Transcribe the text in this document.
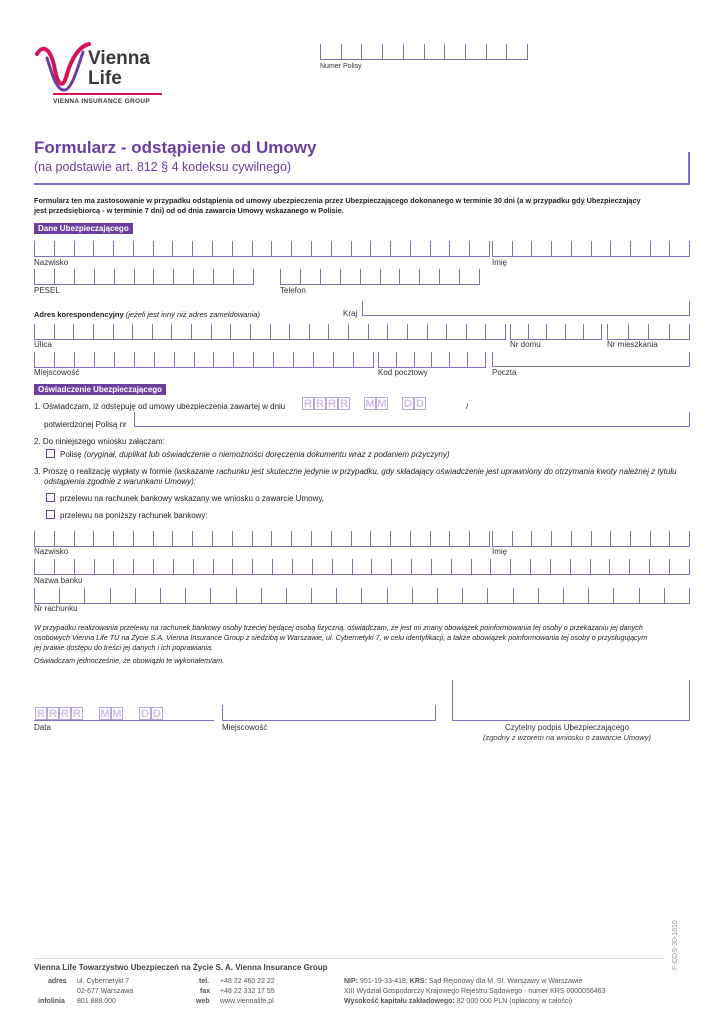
Vienna
Life
VIENNA INSURANCE GROUP
Numer Polisy
Formularz - odstąpienie od Umowy
(na podstawie art. 812 § 4 kodeksu cywilnego)
Formularz ten ma zastosowanie w przypadku odstąpienia od umowy ubezpieczenia przez Ubezpieczającego dokonanego w terminie 30 dni (a w przypadku gdy Ubezpieczający
jest przedsiębiorcą - w terminie 7 dni) od od dnia zawarcia Umowy wskazanego w Polisie.
Dane Ubezpieczającego
Nazwisko	Imię
PESEL	Telefon
Adres korespondencyjny (jeżeli jest inny niż adres zameldowania)	Kraj
Ulica	Nr domu	Nr mieszkania
Miejscowość	Kod pocztowy	Poczta
Oświadczenie Ubezpieczającego
1. Oświadczam, iż odstępuję od umowy ubezpieczenia zawartej w dniu R R R R M M D D	/
potwierdzonej Polisą nr
2. Do niniejszego wniosku załączam:
Polisę (oryginał, duplikat lub oświadczenie o niemożności doręczenia dokumentu wraz z podaniem przyczyny)
3. Proszę o realizację wypłaty w formie (wskazanie rachunku jest skuteczne jedynie w przypadku, gdy składający oświadczenie jest uprawniony do otrzymania kwoty należnej z tytułu
odstąpienia zgodnie z warunkami Umowy):
przelewu na rachunek bankowy wskazany we wniosku o zawarcie Umowy,
przelewu na poniższy rachunek bankowy:
Nazwisko	Imię
Nazwa banku
Nr rachunku
W przypadku realizowania przelewu na rachunek bankowy osoby trzeciej będącej osobą fizyczną, oświadczam, że jest mi znany obowiązek poinformowania tej osoby o przekazaniu jej danych
osobowych Vienna Life TU na Życie S.A. Vienna Insurance Group z siedzibą w Warszawie, ul. Cybernetyki 7, w celu identyfikacji, a także obowiązek poinformowania tej osoby o przysługującym
jej prawie dostępu do treści jej danych i ich poprawiania.
Oświadczam jednocześnie, że obowiązki te wykonałem/am.
R R R R M M D D
Data	Miejscowość	Czytelny podpis Ubezpieczającego
(zgodny z wzorem na wniosku o zawarcie Umowy)
F-ODS-30-1610
Vienna Life Towarzystwo Ubezpieczeń na Życie S. A. Vienna Insurance Group
adres ul. Cybernetyki 7
02-677 Warszawa
infolinia 801 888 000
tel. +48 22 460 22 22
fax +48 22 332 17 55
web www.viennalife.pl
NIP: 951-19-33-418; KRS: Sąd Rejonowy dla M. St. Warszawy w Warszawie
XIII Wydział Gospodarczy Krajowego Rejestru Sądowego - numer KRS 0000056463
Wysokość kapitału zakładowego: 82 000 000 PLN (opłacony w całości)
